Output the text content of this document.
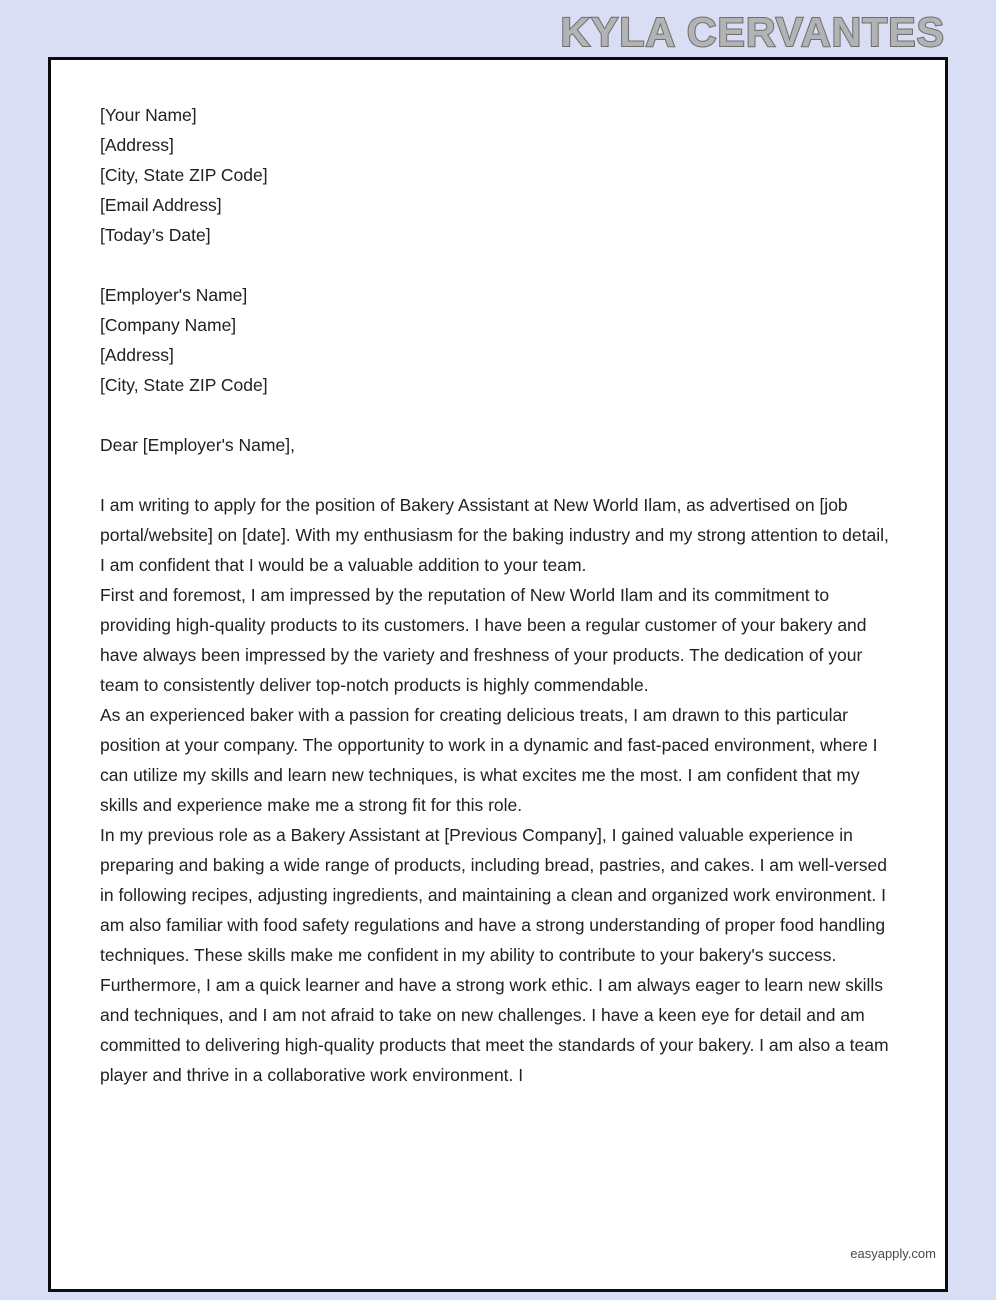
KYLA CERVANTES

[Your Name]

[Address]

[City, State ZIP Code]

[Email Address]

[Today’s Date]

[Employer's Name]

[Company Name]

[Address]

[City, State ZIP Code]

Dear [Employer's Name],

I am writing to apply for the position of Bakery Assistant at New World Ilam, as advertised on [job portal/website] on [date]. With my enthusiasm for the baking industry and my strong attention to detail, I am confident that I would be a valuable addition to your team.

First and foremost, I am impressed by the reputation of New World Ilam and its commitment to providing high-quality products to its customers. I have been a regular customer of your bakery and have always been impressed by the variety and freshness of your products. The dedication of your team to consistently deliver top-notch products is highly commendable.

As an experienced baker with a passion for creating delicious treats, I am drawn to this particular position at your company. The opportunity to work in a dynamic and fast-paced environment, where I can utilize my skills and learn new techniques, is what excites me the most. I am confident that my skills and experience make me a strong fit for this role.

In my previous role as a Bakery Assistant at [Previous Company], I gained valuable experience in preparing and baking a wide range of products, including bread, pastries, and cakes. I am well-versed in following recipes, adjusting ingredients, and maintaining a clean and organized work environment. I am also familiar with food safety regulations and have a strong understanding of proper food handling techniques. These skills make me confident in my ability to contribute to your bakery's success.

Furthermore, I am a quick learner and have a strong work ethic. I am always eager to learn new skills and techniques, and I am not afraid to take on new challenges. I have a keen eye for detail and am committed to delivering high-quality products that meet the standards of your bakery. I am also a team player and thrive in a collaborative work environment. I

easyapply.com
